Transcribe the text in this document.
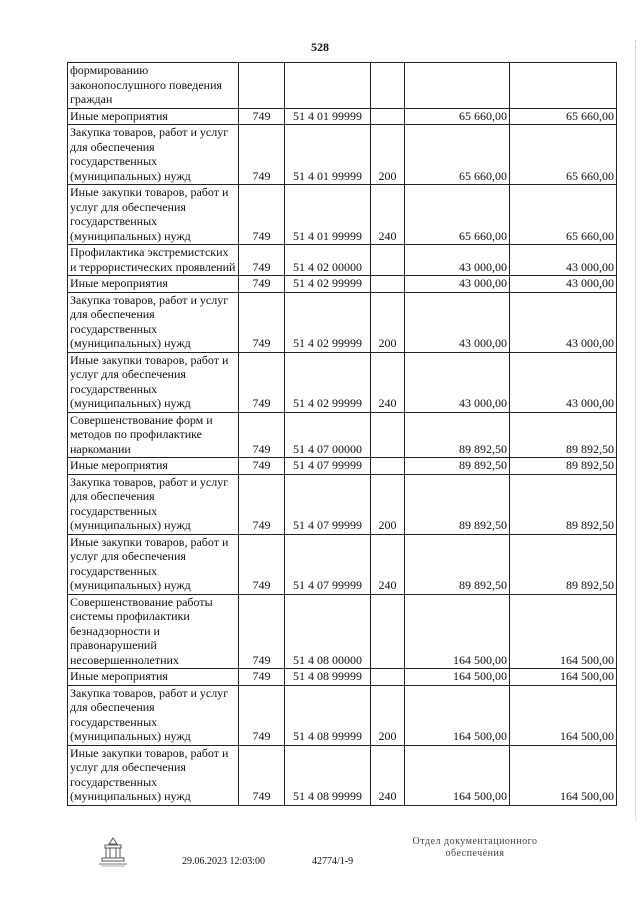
528
формированию законопослушного поведения граждан					
Иные мероприятия	749	51 4 01 99999		65 660,00	65 660,00
Закупка товаров, работ и услуг для обеспечения государственных (муниципальных) нужд	749	51 4 01 99999	200	65 660,00	65 660,00
Иные закупки товаров, работ и услуг для обеспечения государственных (муниципальных) нужд	749	51 4 01 99999	240	65 660,00	65 660,00
Профилактика экстремистских и террористических проявлений	749	51 4 02 00000		43 000,00	43 000,00
Иные мероприятия	749	51 4 02 99999		43 000,00	43 000,00
Закупка товаров, работ и услуг для обеспечения государственных (муниципальных) нужд	749	51 4 02 99999	200	43 000,00	43 000,00
Иные закупки товаров, работ и услуг для обеспечения государственных (муниципальных) нужд	749	51 4 02 99999	240	43 000,00	43 000,00
Совершенствование форм и методов по профилактике наркомании	749	51 4 07 00000		89 892,50	89 892,50
Иные мероприятия	749	51 4 07 99999		89 892,50	89 892,50
Закупка товаров, работ и услуг для обеспечения государственных (муниципальных) нужд	749	51 4 07 99999	200	89 892,50	89 892,50
Иные закупки товаров, работ и услуг для обеспечения государственных (муниципальных) нужд	749	51 4 07 99999	240	89 892,50	89 892,50
Совершенствование работы системы профилактики безнадзорности и правонарушений несовершеннолетних	749	51 4 08 00000		164 500,00	164 500,00
Иные мероприятия	749	51 4 08 99999		164 500,00	164 500,00
Закупка товаров, работ и услуг для обеспечения государственных (муниципальных) нужд	749	51 4 08 99999	200	164 500,00	164 500,00
Иные закупки товаров, работ и услуг для обеспечения государственных (муниципальных) нужд	749	51 4 08 99999	240	164 500,00	164 500,00
29.06.2023 12:03:00	42774/1-9
Отдел документационного обеспечения
